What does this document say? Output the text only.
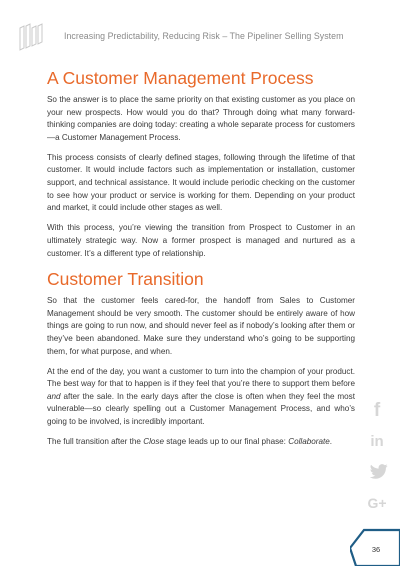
Increasing Predictability, Reducing Risk – The Pipeliner Selling System
A Customer Management Process

So the answer is to place the same priority on that existing customer as you place on your new prospects. How would you do that? Through doing what many forward-thinking companies are doing today: creating a whole separate process for customers—a Customer Management Process.

This process consists of clearly defined stages, following through the lifetime of that customer. It would include factors such as implementation or installation, customer support, and technical assistance. It would include periodic checking on the customer to see how your product or service is working for them. Depending on your product and market, it could include other stages as well.

With this process, you’re viewing the transition from Prospect to Customer in an ultimately strategic way. Now a former prospect is managed and nurtured as a customer. It’s a different type of relationship.

Customer Transition

So that the customer feels cared-for, the handoff from Sales to Customer Management should be very smooth. The customer should be entirely aware of how things are going to run now, and should never feel as if nobody’s looking after them or they’ve been abandoned. Make sure they understand who’s going to be supporting them, for what purpose, and when.

At the end of the day, you want a customer to turn into the champion of your product. The best way for that to happen is if they feel that you’re there to support them before and after the sale. In the early days after the close is often when they feel the most vulnerable—so clearly spelling out a Customer Management Process, and who’s going to be involved, is incredibly important.

The full transition after the Close stage leads up to our final phase: Collaborate.

f
in
G+
36
